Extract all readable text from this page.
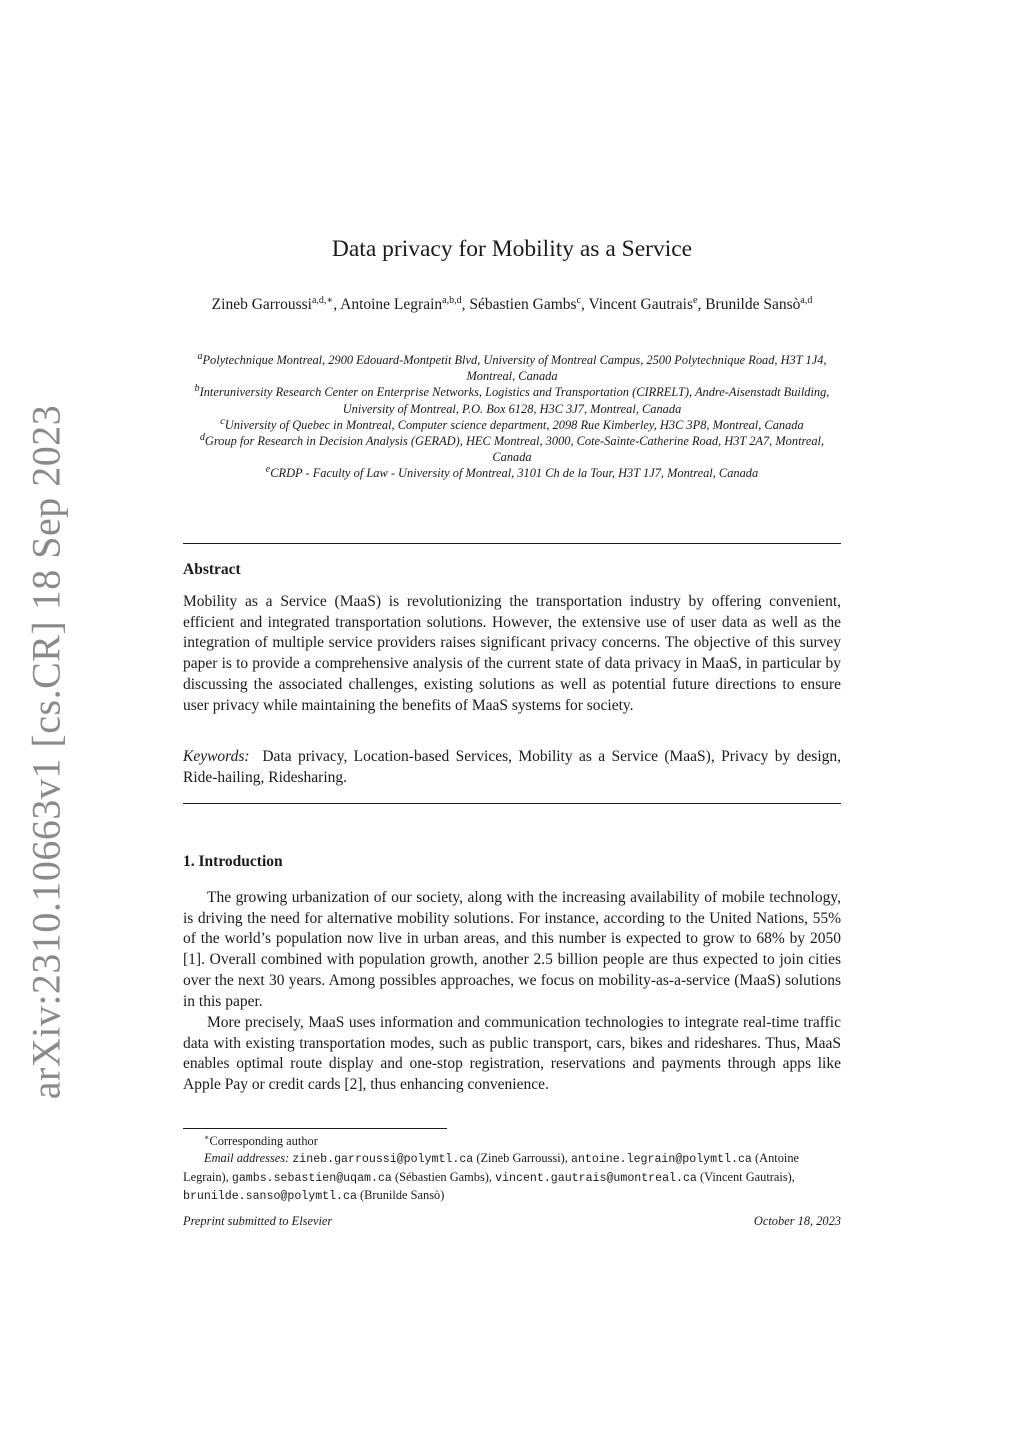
arXiv:2310.10663v1 [cs.CR] 18 Sep 2023
Data privacy for Mobility as a Service
Zineb Garroussi$^{a,d,∗}$, Antoine Legrain$^{a,b,d}$, Sébastien Gambs$^c$, Vincent Gautrais$^e$, Brunilde Sansò$^{a,d}$
$^a$Polytechnique Montreal, 2900 Edouard-Montpetit Blvd, University of Montreal Campus, 2500 Polytechnique Road, H3T 1J4, Montreal, Canada
$^b$Interuniversity Research Center on Enterprise Networks, Logistics and Transportation (CIRRELT), Andre-Aisenstadt Building, University of Montreal, P.O. Box 6128, H3C 3J7, Montreal, Canada
$^c$University of Quebec in Montreal, Computer science department, 2098 Rue Kimberley, H3C 3P8, Montreal, Canada
$^d$Group for Research in Decision Analysis (GERAD), HEC Montreal, 3000, Cote-Sainte-Catherine Road, H3T 2A7, Montreal, Canada
$^e$CRDP - Faculty of Law - University of Montreal, 3101 Ch de la Tour, H3T 1J7, Montreal, Canada
Abstract
Mobility as a Service (MaaS) is revolutionizing the transportation industry by offering convenient, efficient and integrated transportation solutions. However, the extensive use of user data as well as the integration of multiple service providers raises significant privacy concerns. The objective of this survey paper is to provide a comprehensive analysis of the current state of data privacy in MaaS, in particular by discussing the associated challenges, existing solutions as well as potential future directions to ensure user privacy while maintaining the benefits of MaaS systems for society.
Keywords: Data privacy, Location-based Services, Mobility as a Service (MaaS), Privacy by design, Ride-hailing, Ridesharing.
1. Introduction
The growing urbanization of our society, along with the increasing availability of mobile technology, is driving the need for alternative mobility solutions. For instance, according to the United Nations, 55% of the world’s population now live in urban areas, and this number is expected to grow to 68% by 2050 [1]. Overall combined with population growth, another 2.5 billion people are thus expected to join cities over the next 30 years. Among possibles approaches, we focus on mobility-as-a-service (MaaS) solutions in this paper.
More precisely, MaaS uses information and communication technologies to integrate real-time traffic data with existing transportation modes, such as public transport, cars, bikes and rideshares. Thus, MaaS enables optimal route display and one-stop registration, reservations and payments through apps like Apple Pay or credit cards [2], thus enhancing convenience.
∗Corresponding author
Email addresses: zineb.garroussi@polymtl.ca (Zineb Garroussi), antoine.legrain@polymtl.ca (Antoine Legrain), gambs.sebastien@uqam.ca (Sébastien Gambs), vincent.gautrais@umontreal.ca (Vincent Gautrais), brunilde.sanso@polymtl.ca (Brunilde Sansò)
Preprint submitted to Elsevier	October 18, 2023
